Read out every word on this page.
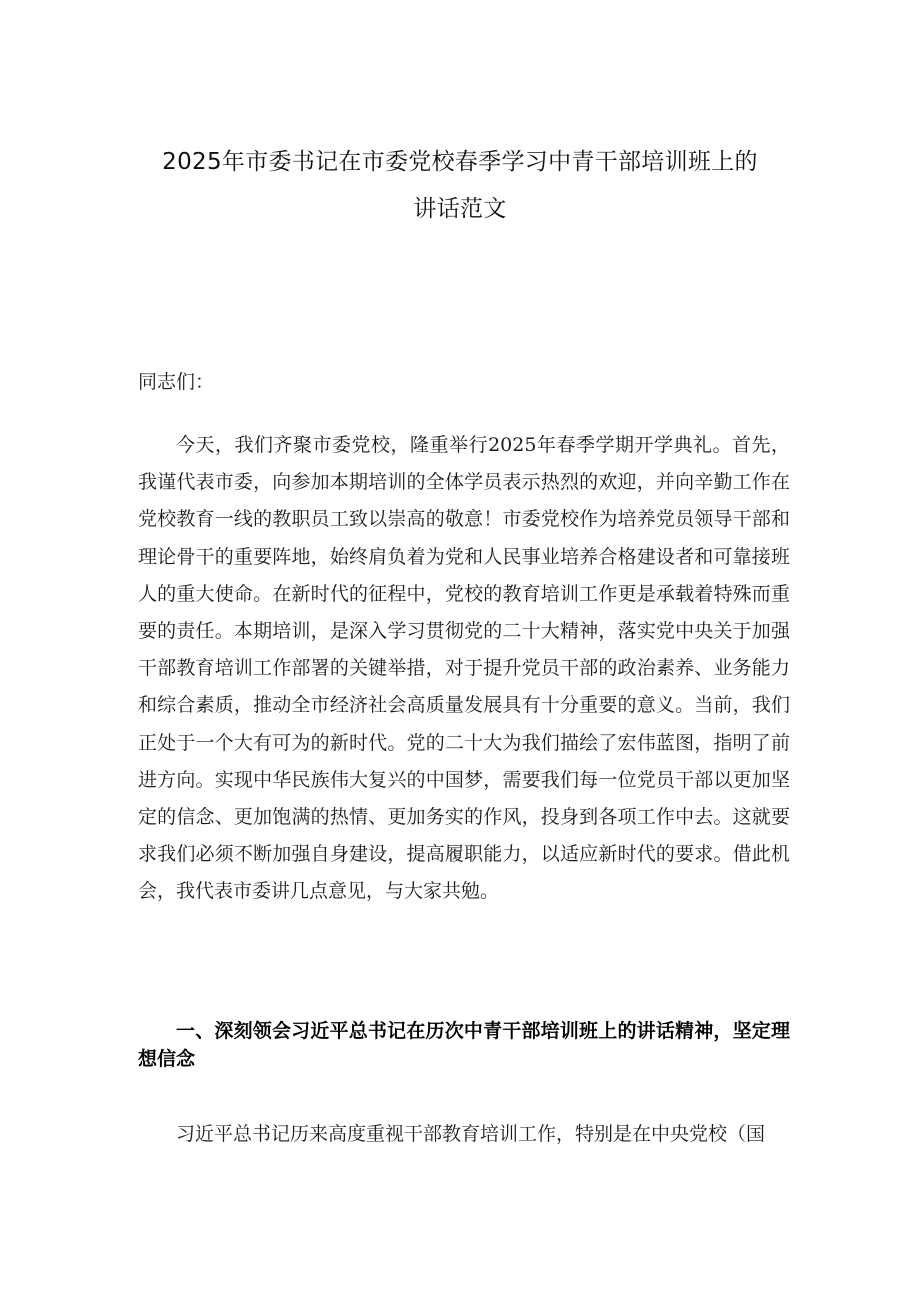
2025年市委书记在市委党校春季学习中青干部培训班上的
讲话范文
同志们：

今天，我们齐聚市委党校，隆重举行2025年春季学期开学典礼。首先，我谨代表市委，向参加本期培训的全体学员表示热烈的欢迎，并向辛勤工作在党校教育一线的教职员工致以崇高的敬意！市委党校作为培养党员领导干部和理论骨干的重要阵地，始终肩负着为党和人民事业培养合格建设者和可靠接班人的重大使命。在新时代的征程中，党校的教育培训工作更是承载着特殊而重要的责任。本期培训，是深入学习贯彻党的二十大精神，落实党中央关于加强干部教育培训工作部署的关键举措，对于提升党员干部的政治素养、业务能力和综合素质，推动全市经济社会高质量发展具有十分重要的意义。当前，我们正处于一个大有可为的新时代。党的二十大为我们描绘了宏伟蓝图，指明了前进方向。实现中华民族伟大复兴的中国梦，需要我们每一位党员干部以更加坚定的信念、更加饱满的热情、更加务实的作风，投身到各项工作中去。这就要求我们必须不断加强自身建设，提高履职能力，以适应新时代的要求。借此机会，我代表市委讲几点意见，与大家共勉。

一、深刻领会习近平总书记在历次中青干部培训班上的讲话精神，坚定理想信念

习近平总书记历来高度重视干部教育培训工作，特别是在中央党校（国
